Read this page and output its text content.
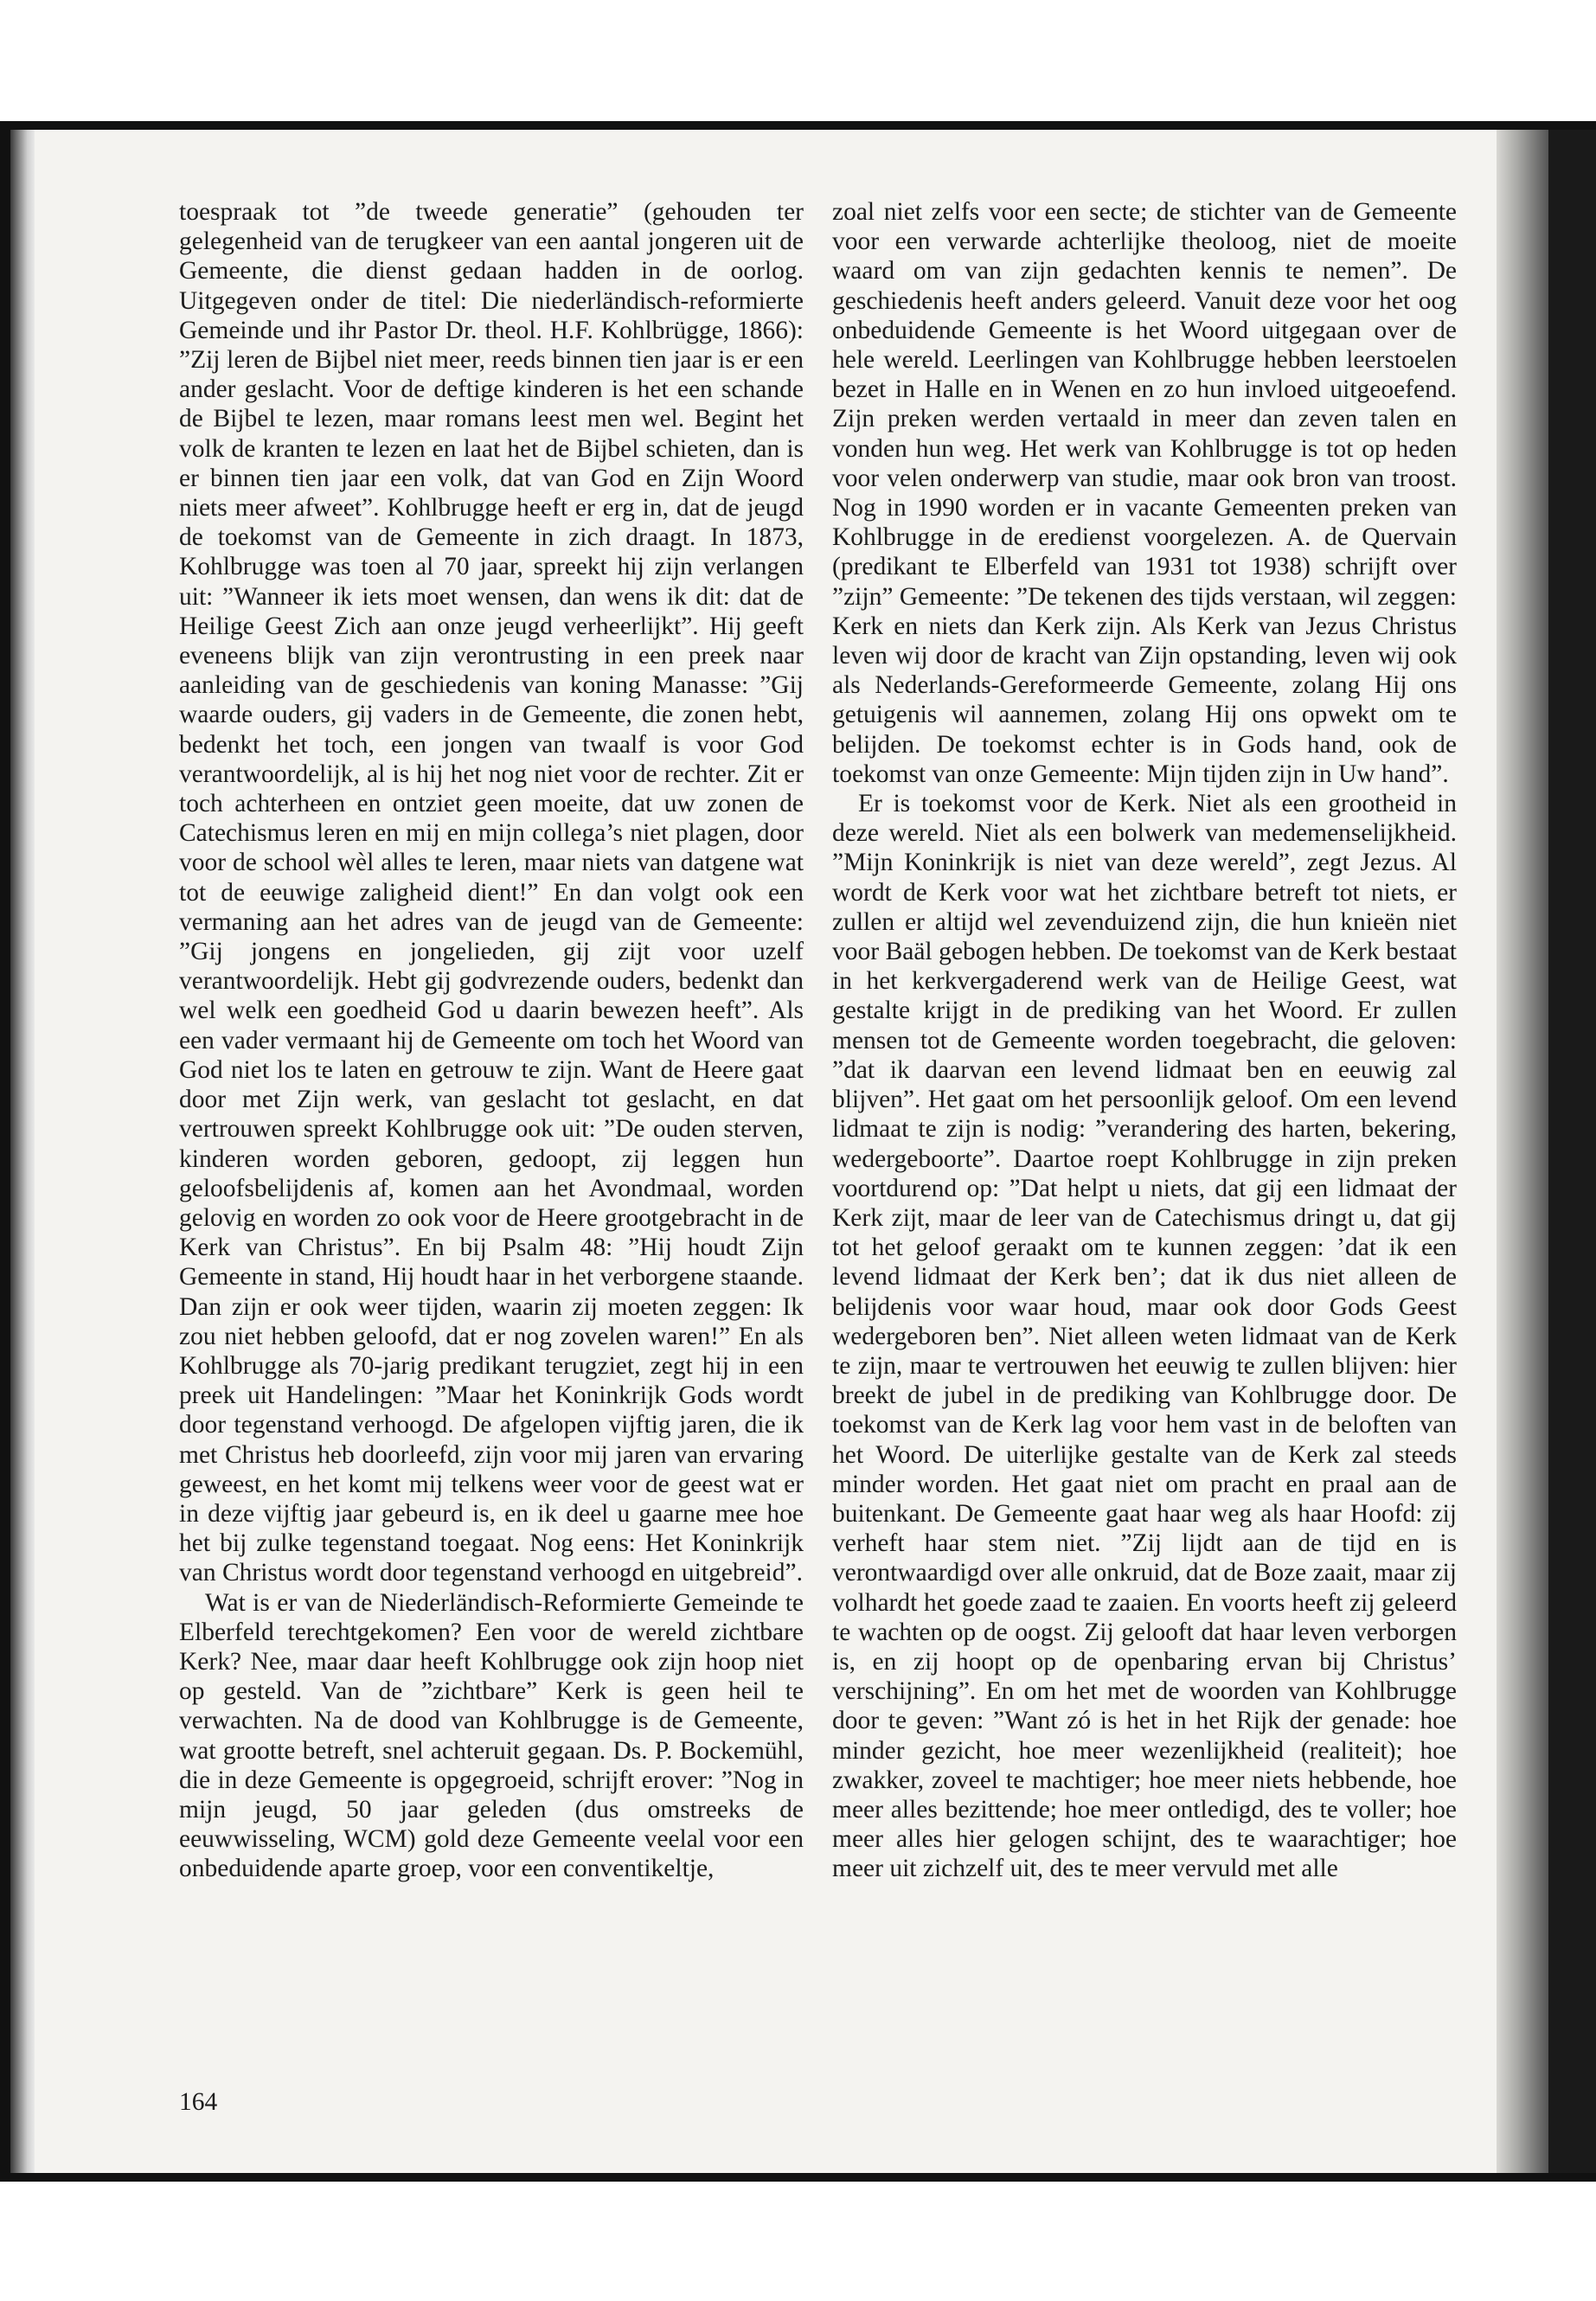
toespraak tot ”de tweede generatie” (gehouden ter gelegenheid van de terugkeer van een aantal jongeren uit de Gemeente, die dienst gedaan hadden in de oorlog. Uitgegeven onder de titel: Die niederländisch-reformierte Gemeinde und ihr Pastor Dr. theol. H.F. Kohlbrügge, 1866): ”Zij leren de Bijbel niet meer, reeds binnen tien jaar is er een ander geslacht. Voor de deftige kinderen is het een schande de Bijbel te lezen, maar romans leest men wel. Begint het volk de kranten te lezen en laat het de Bijbel schieten, dan is er binnen tien jaar een volk, dat van God en Zijn Woord niets meer afweet”. Kohlbrugge heeft er erg in, dat de jeugd de toekomst van de Gemeente in zich draagt. In 1873, Kohlbrugge was toen al 70 jaar, spreekt hij zijn verlangen uit: ”Wanneer ik iets moet wensen, dan wens ik dit: dat de Heilige Geest Zich aan onze jeugd verheerlijkt”. Hij geeft eveneens blijk van zijn verontrusting in een preek naar aanleiding van de geschiedenis van koning Manasse: ”Gij waarde ouders, gij vaders in de Gemeente, die zonen hebt, bedenkt het toch, een jongen van twaalf is voor God verantwoordelijk, al is hij het nog niet voor de rechter. Zit er toch achterheen en ontziet geen moeite, dat uw zonen de Catechismus leren en mij en mijn collega’s niet plagen, door voor de school wèl alles te leren, maar niets van datgene wat tot de eeuwige zaligheid dient!” En dan volgt ook een vermaning aan het adres van de jeugd van de Gemeente: ”Gij jongens en jongelieden, gij zijt voor uzelf verantwoordelijk. Hebt gij godvrezende ouders, bedenkt dan wel welk een goedheid God u daarin bewezen heeft”. Als een vader vermaant hij de Gemeente om toch het Woord van God niet los te laten en getrouw te zijn. Want de Heere gaat door met Zijn werk, van geslacht tot geslacht, en dat vertrouwen spreekt Kohlbrugge ook uit: ”De ouden sterven, kinderen worden geboren, gedoopt, zij leggen hun geloofsbelijdenis af, komen aan het Avondmaal, worden gelovig en worden zo ook voor de Heere grootgebracht in de Kerk van Christus”. En bij Psalm 48: ”Hij houdt Zijn Gemeente in stand, Hij houdt haar in het verborgene staande. Dan zijn er ook weer tijden, waarin zij moeten zeggen: Ik zou niet hebben geloofd, dat er nog zovelen waren!” En als Kohlbrugge als 70-jarig predikant terugziet, zegt hij in een preek uit Handelingen: ”Maar het Koninkrijk Gods wordt door tegenstand verhoogd. De afgelopen vijftig jaren, die ik met Christus heb doorleefd, zijn voor mij jaren van ervaring geweest, en het komt mij telkens weer voor de geest wat er in deze vijftig jaar gebeurd is, en ik deel u gaarne mee hoe het bij zulke tegenstand toegaat. Nog eens: Het Koninkrijk van Christus wordt door tegenstand verhoogd en uitgebreid”.

Wat is er van de Niederländisch-Reformierte Gemeinde te Elberfeld terechtgekomen? Een voor de wereld zichtbare Kerk? Nee, maar daar heeft Kohlbrugge ook zijn hoop niet op gesteld. Van de ”zichtbare” Kerk is geen heil te verwachten. Na de dood van Kohlbrugge is de Gemeente, wat grootte betreft, snel achteruit gegaan. Ds. P. Bockemühl, die in deze Gemeente is opgegroeid, schrijft erover: ”Nog in mijn jeugd, 50 jaar geleden (dus omstreeks de eeuwwisseling, WCM) gold deze Gemeente veelal voor een onbeduidende aparte groep, voor een conventikeltje,

zoal niet zelfs voor een secte; de stichter van de Gemeente voor een verwarde achterlijke theoloog, niet de moeite waard om van zijn gedachten kennis te nemen”. De geschiedenis heeft anders geleerd. Vanuit deze voor het oog onbeduidende Gemeente is het Woord uitgegaan over de hele wereld. Leerlingen van Kohlbrugge hebben leerstoelen bezet in Halle en in Wenen en zo hun invloed uitgeoefend. Zijn preken werden vertaald in meer dan zeven talen en vonden hun weg. Het werk van Kohlbrugge is tot op heden voor velen onderwerp van studie, maar ook bron van troost. Nog in 1990 worden er in vacante Gemeenten preken van Kohlbrugge in de eredienst voorgelezen. A. de Quervain (predikant te Elberfeld van 1931 tot 1938) schrijft over ”zijn” Gemeente: ”De tekenen des tijds verstaan, wil zeggen: Kerk en niets dan Kerk zijn. Als Kerk van Jezus Christus leven wij door de kracht van Zijn opstanding, leven wij ook als Nederlands-Gereformeerde Gemeente, zolang Hij ons getuigenis wil aannemen, zolang Hij ons opwekt om te belijden. De toekomst echter is in Gods hand, ook de toekomst van onze Gemeente: Mijn tijden zijn in Uw hand”.

Er is toekomst voor de Kerk. Niet als een grootheid in deze wereld. Niet als een bolwerk van medemenselijkheid. ”Mijn Koninkrijk is niet van deze wereld”, zegt Jezus. Al wordt de Kerk voor wat het zichtbare betreft tot niets, er zullen er altijd wel zevenduizend zijn, die hun knieën niet voor Baäl gebogen hebben. De toekomst van de Kerk bestaat in het kerkvergaderend werk van de Heilige Geest, wat gestalte krijgt in de prediking van het Woord. Er zullen mensen tot de Gemeente worden toegebracht, die geloven: ”dat ik daarvan een levend lidmaat ben en eeuwig zal blijven”. Het gaat om het persoonlijk geloof. Om een levend lidmaat te zijn is nodig: ”verandering des harten, bekering, wedergeboorte”. Daartoe roept Kohlbrugge in zijn preken voortdurend op: ”Dat helpt u niets, dat gij een lidmaat der Kerk zijt, maar de leer van de Catechismus dringt u, dat gij tot het geloof geraakt om te kunnen zeggen: ’dat ik een levend lidmaat der Kerk ben’; dat ik dus niet alleen de belijdenis voor waar houd, maar ook door Gods Geest wedergeboren ben”. Niet alleen weten lidmaat van de Kerk te zijn, maar te vertrouwen het eeuwig te zullen blijven: hier breekt de jubel in de prediking van Kohlbrugge door. De toekomst van de Kerk lag voor hem vast in de beloften van het Woord. De uiterlijke gestalte van de Kerk zal steeds minder worden. Het gaat niet om pracht en praal aan de buitenkant. De Gemeente gaat haar weg als haar Hoofd: zij verheft haar stem niet. ”Zij lijdt aan de tijd en is verontwaardigd over alle onkruid, dat de Boze zaait, maar zij volhardt het goede zaad te zaaien. En voorts heeft zij geleerd te wachten op de oogst. Zij gelooft dat haar leven verborgen is, en zij hoopt op de openbaring ervan bij Christus’ verschijning”. En om het met de woorden van Kohlbrugge door te geven: ”Want zó is het in het Rijk der genade: hoe minder gezicht, hoe meer wezenlijkheid (realiteit); hoe zwakker, zoveel te machtiger; hoe meer niets hebbende, hoe meer alles bezittende; hoe meer ontledigd, des te voller; hoe meer alles hier gelogen schijnt, des te waarachtiger; hoe meer uit zichzelf uit, des te meer vervuld met alle

164
